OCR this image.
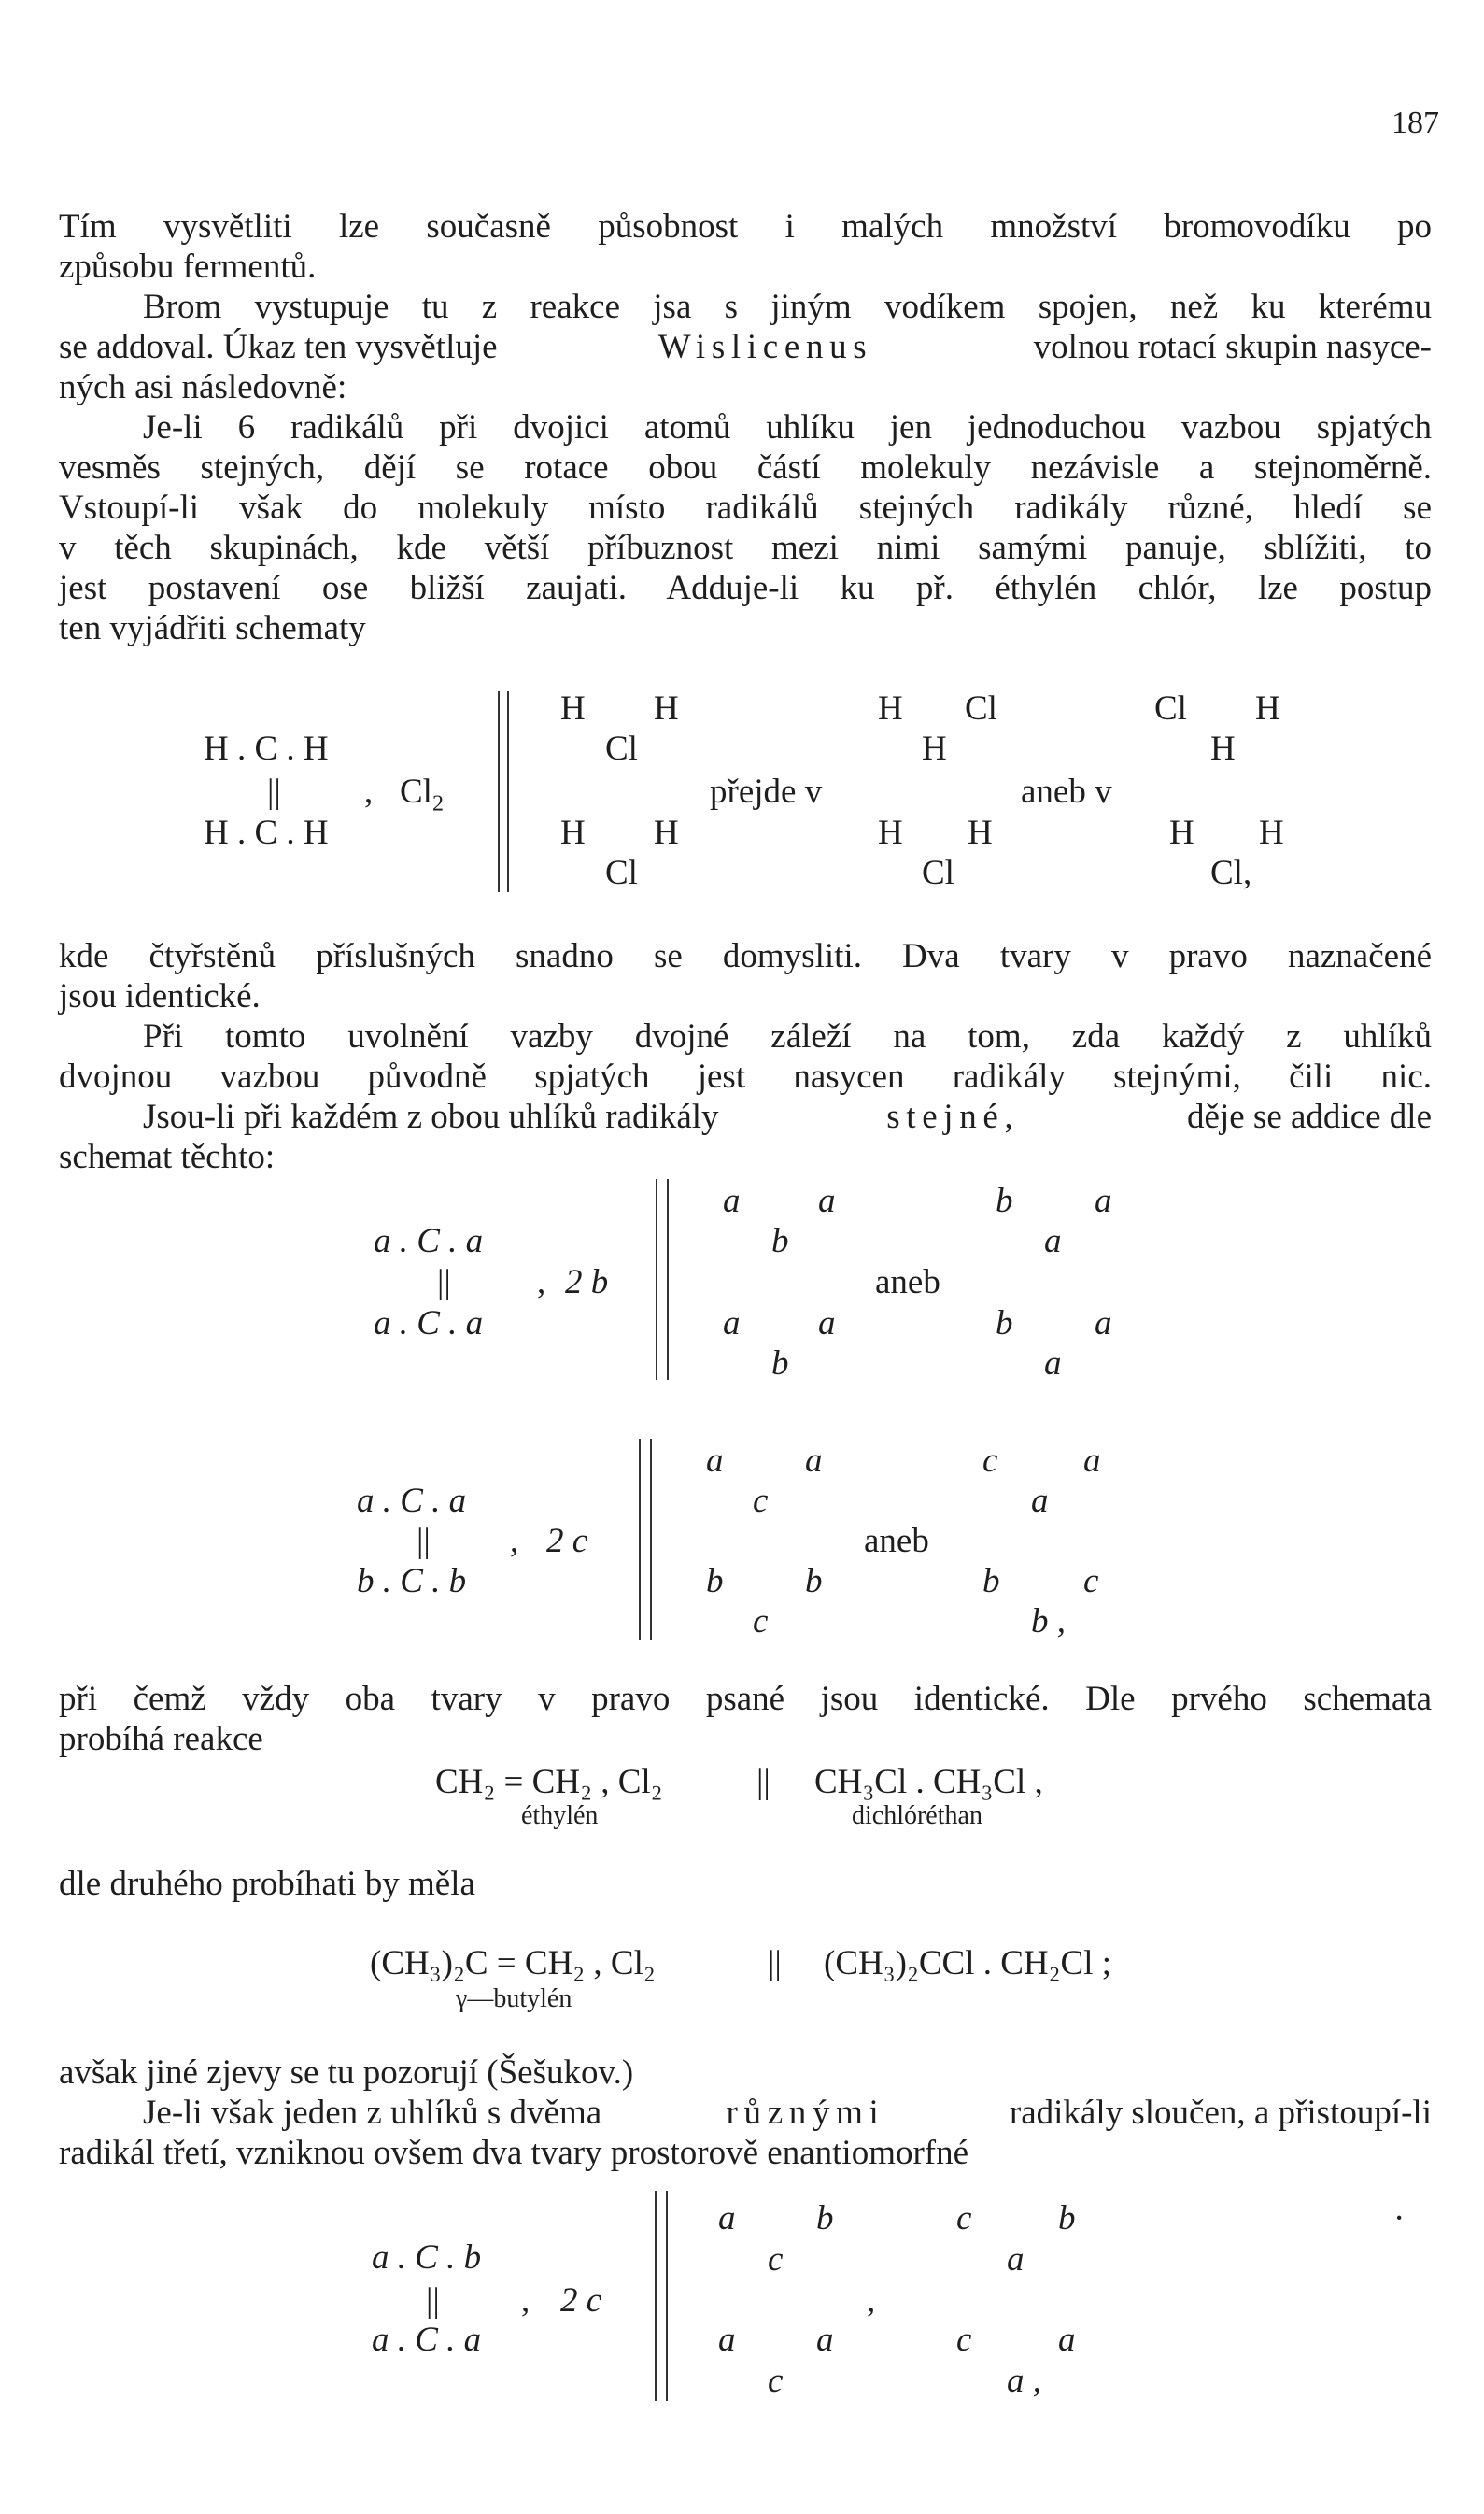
187
Tím vysvětliti lze současně působnost i malých množství bromovodíku po
způsobu fermentů.
Brom vystupuje tu z reakce jsa s jiným vodíkem spojen, než ku kterému
se addoval. Úkaz ten vysvětluje	Wislicenus	volnou rotací skupin nasyce-
ných asi následovně:
Je-li 6 radikálů při dvojici atomů uhlíku jen jednoduchou vazbou spjatých
vesměs stejných, dějí se rotace obou částí molekuly nezávisle a stejnoměrně.
Vstoupí-li však do molekuly místo radikálů stejných radikály různé, hledí se
v těch skupinách, kde větší příbuznost mezi nimi samými panuje, sblížiti, to
jest postavení ose bližší zaujati. Adduje-li ku př. éthylén chlór, lze postup
ten vyjádřiti schematy
H . C . H
||
H . C . H
, $Cl_2$
H H
Cl
H H
Cl
přejde v
H Cl
H
H H
Cl
aneb v
Cl H
H
H H
Cl,
kde čtyřstěnů příslušných snadno se domysliti. Dva tvary v pravo naznačené
jsou identické.
Při tomto uvolnění vazby dvojné záleží na tom, zda každý z uhlíků
dvojnou vazbou původně spjatých jest nasycen radikály stejnými, čili nic.
Jsou-li při každém z obou uhlíků radikály	stejné,	děje se addice dle
schemat těchto:
a . C . a
||
a . C . a
, 2 b
a a
b
a a
b
aneb
b a
a
b a
a
a . C . a
||
b . C . b
, 2 c
a a
c
b b
c
aneb
c a
a
b c
b ,
při čemž vždy oba tvary v pravo psané jsou identické. Dle prvého schemata
probíhá reakce
CH₂ = CH₂ , Cl₂	|| CH₃Cl . CH₃Cl ,
éthylén	dichlóréthan
dle druhého probíhati by měla
(CH₃)₂C = CH₂ , Cl₂	|| (CH₃)₂CCl . CH₂Cl ;
γ—butylén
avšak jiné zjevy se tu pozorují (Šešukov.)
Je-li však jeden z uhlíků s dvěma	různými	radikály sloučen, a přistoupí-li
radikál třetí, vzniknou ovšem dva tvary prostorově enantiomorfné
a . C . b
||
a . C . a
, 2 c
a b
c
a a
c
,
c	b
a
c	a
a ,
·
